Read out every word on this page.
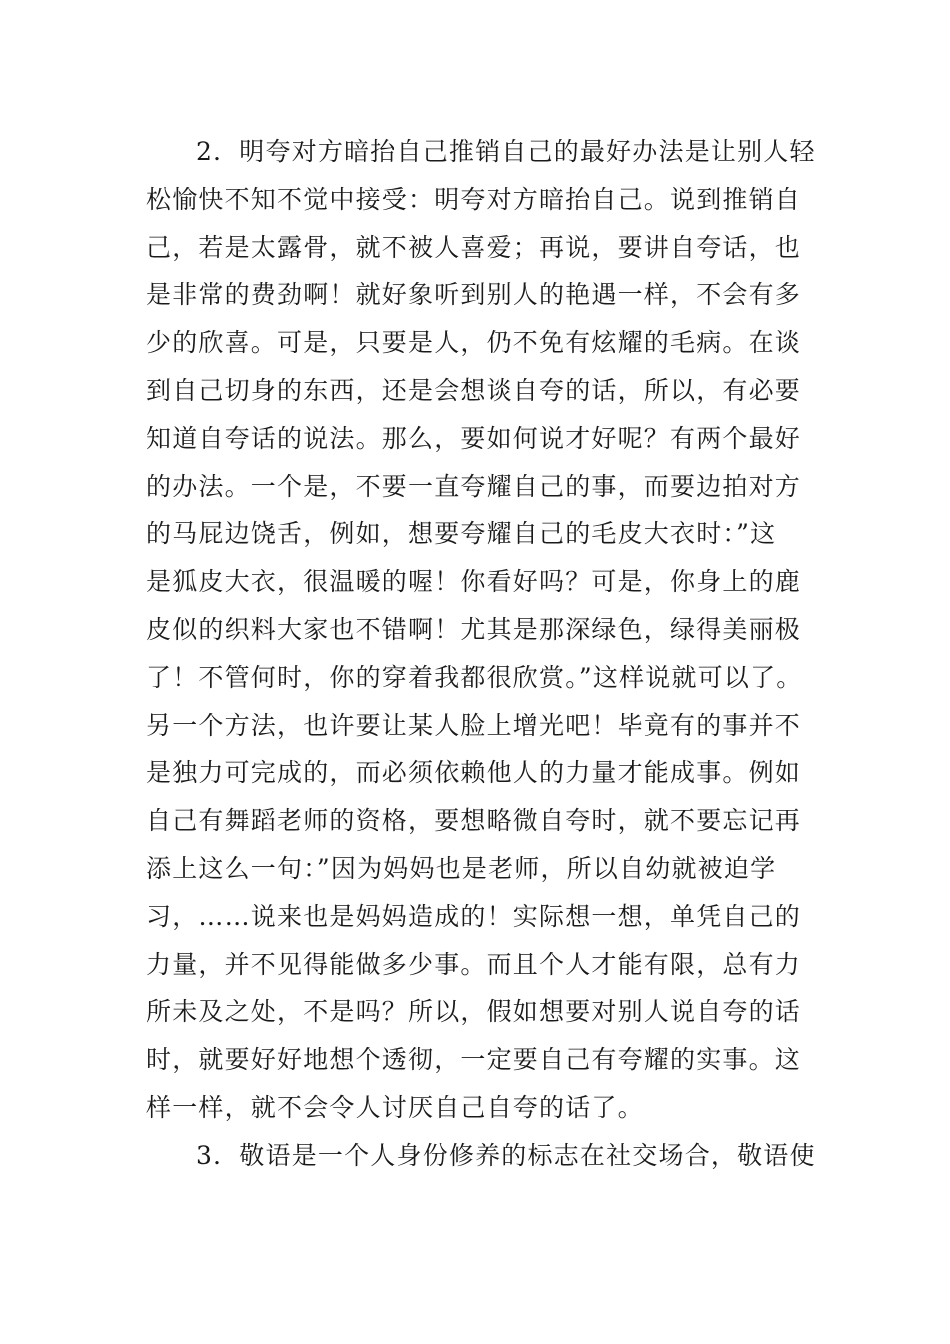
2．明夸对方暗抬自己推销自己的最好办法是让别人轻
松愉快不知不觉中接受：明夸对方暗抬自己。说到推销自
己，若是太露骨，就不被人喜爱；再说，要讲自夸话，也
是非常的费劲啊！就好象听到别人的艳遇一样，不会有多
少的欣喜。可是，只要是人，仍不免有炫耀的毛病。在谈
到自己切身的东西，还是会想谈自夸的话，所以，有必要
知道自夸话的说法。那么，要如何说才好呢？有两个最好
的办法。一个是，不要一直夸耀自己的事，而要边拍对方
的马屁边饶舌，例如，想要夸耀自己的毛皮大衣时：”这
是狐皮大衣，很温暖的喔！你看好吗？可是，你身上的鹿
皮似的织料大家也不错啊！尤其是那深绿色，绿得美丽极
了！不管何时，你的穿着我都很欣赏。”这样说就可以了。
另一个方法，也许要让某人脸上增光吧！毕竟有的事并不
是独力可完成的，而必须依赖他人的力量才能成事。例如
自己有舞蹈老师的资格，要想略微自夸时，就不要忘记再
添上这么一句：”因为妈妈也是老师，所以自幼就被迫学
习，……说来也是妈妈造成的！实际想一想，单凭自己的
力量，并不见得能做多少事。而且个人才能有限，总有力
所未及之处，不是吗？所以，假如想要对别人说自夸的话
时，就要好好地想个透彻，一定要自己有夸耀的实事。这
样一样，就不会令人讨厌自己自夸的话了。
3．敬语是一个人身份修养的标志在社交场合，敬语使
